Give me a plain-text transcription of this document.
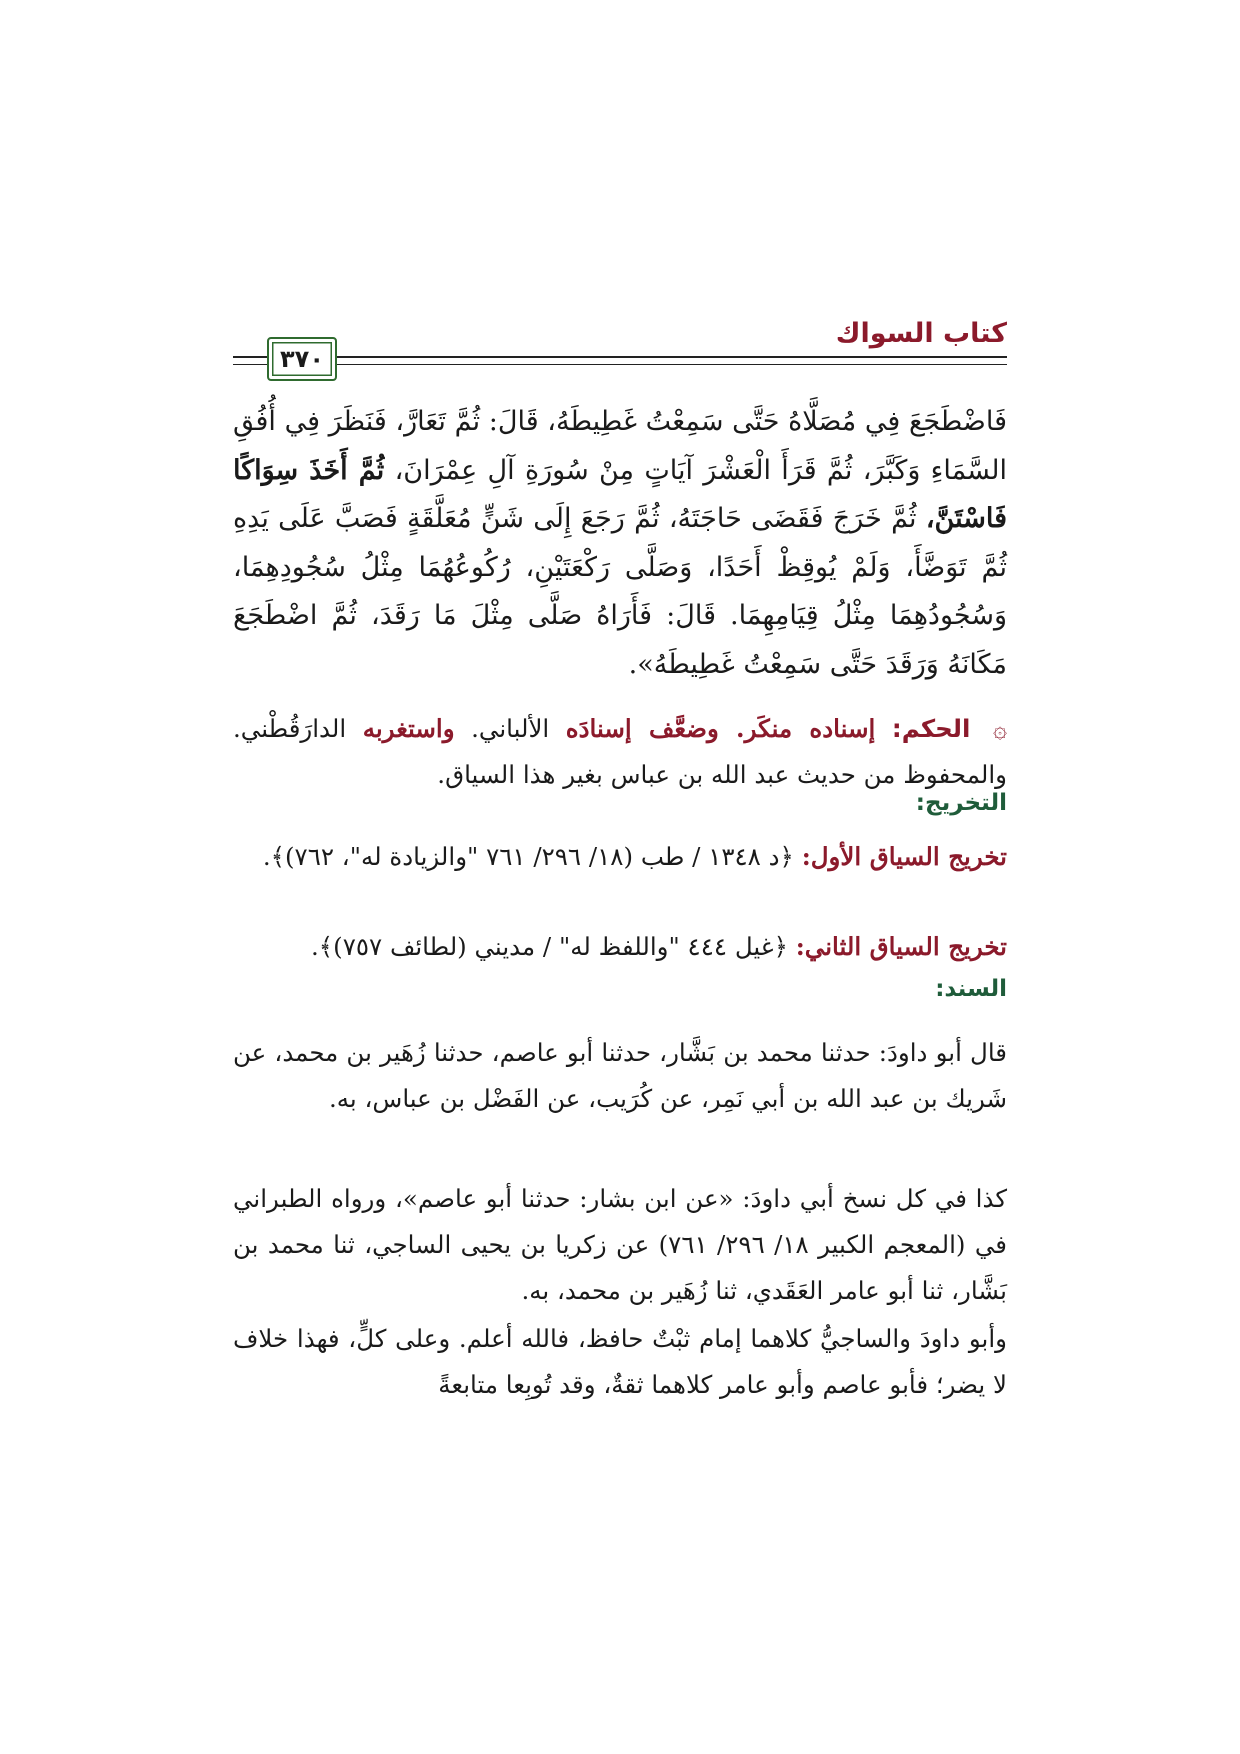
كتاب السواك
٣٧٠
فَاضْطَجَعَ فِي مُصَلَّاهُ حَتَّى سَمِعْتُ غَطِيطَهُ، قَالَ: ثُمَّ تَعَارَّ، فَنَظَرَ فِي أُفُقِ السَّمَاءِ وَكَبَّرَ، ثُمَّ قَرَأَ الْعَشْرَ آيَاتٍ مِنْ سُورَةِ آلِ عِمْرَانَ، ثُمَّ أَخَذَ سِوَاكًا فَاسْتَنَّ، ثُمَّ خَرَجَ فَقَضَى حَاجَتَهُ، ثُمَّ رَجَعَ إِلَى شَنٍّ مُعَلَّقَةٍ فَصَبَّ عَلَى يَدِهِ ثُمَّ تَوَضَّأَ، وَلَمْ يُوقِظْ أَحَدًا، وَصَلَّى رَكْعَتَيْنِ، رُكُوعُهُمَا مِثْلُ سُجُودِهِمَا، وَسُجُودُهِمَا مِثْلُ قِيَامِهِمَا. قَالَ: فَأَرَاهُ صَلَّى مِثْلَ مَا رَقَدَ، ثُمَّ اضْطَجَعَ مَكَانَهُ وَرَقَدَ حَتَّى سَمِعْتُ غَطِيطَهُ».
۞ الحكم: إسناده منكَر. وضعَّف إسنادَه الألباني. واستغربه الدارَقُطْني. والمحفوظ من حديث عبد الله بن عباس بغير هذا السياق.
التخريج:
تخريج السياق الأول: ﴿د ١٣٤٨ / طب (١٨/ ٢٩٦/ ٧٦١ "والزيادة له"، ٧٦٢)﴾.
تخريج السياق الثاني: ﴿غيل ٤٤٤ "واللفظ له" / مديني (لطائف ٧٥٧)﴾.
السند:
قال أبو داودَ: حدثنا محمد بن بَشَّار، حدثنا أبو عاصم، حدثنا زُهَير بن محمد، عن شَريك بن عبد الله بن أبي نَمِر، عن كُرَيب، عن الفَضْل بن عباس، به.
كذا في كل نسخ أبي داودَ: «عن ابن بشار: حدثنا أبو عاصم»، ورواه الطبراني في (المعجم الكبير ١٨/ ٢٩٦/ ٧٦١) عن زكريا بن يحيى الساجي، ثنا محمد بن بَشَّار، ثنا أبو عامر العَقَدي، ثنا زُهَير بن محمد، به.
وأبو داودَ والساجيُّ كلاهما إمام ثبْتٌ حافظ، فالله أعلم. وعلى كلٍّ، فهذا خلاف لا يضر؛ فأبو عاصم وأبو عامر كلاهما ثقةٌ، وقد تُوبِعا متابعةً
